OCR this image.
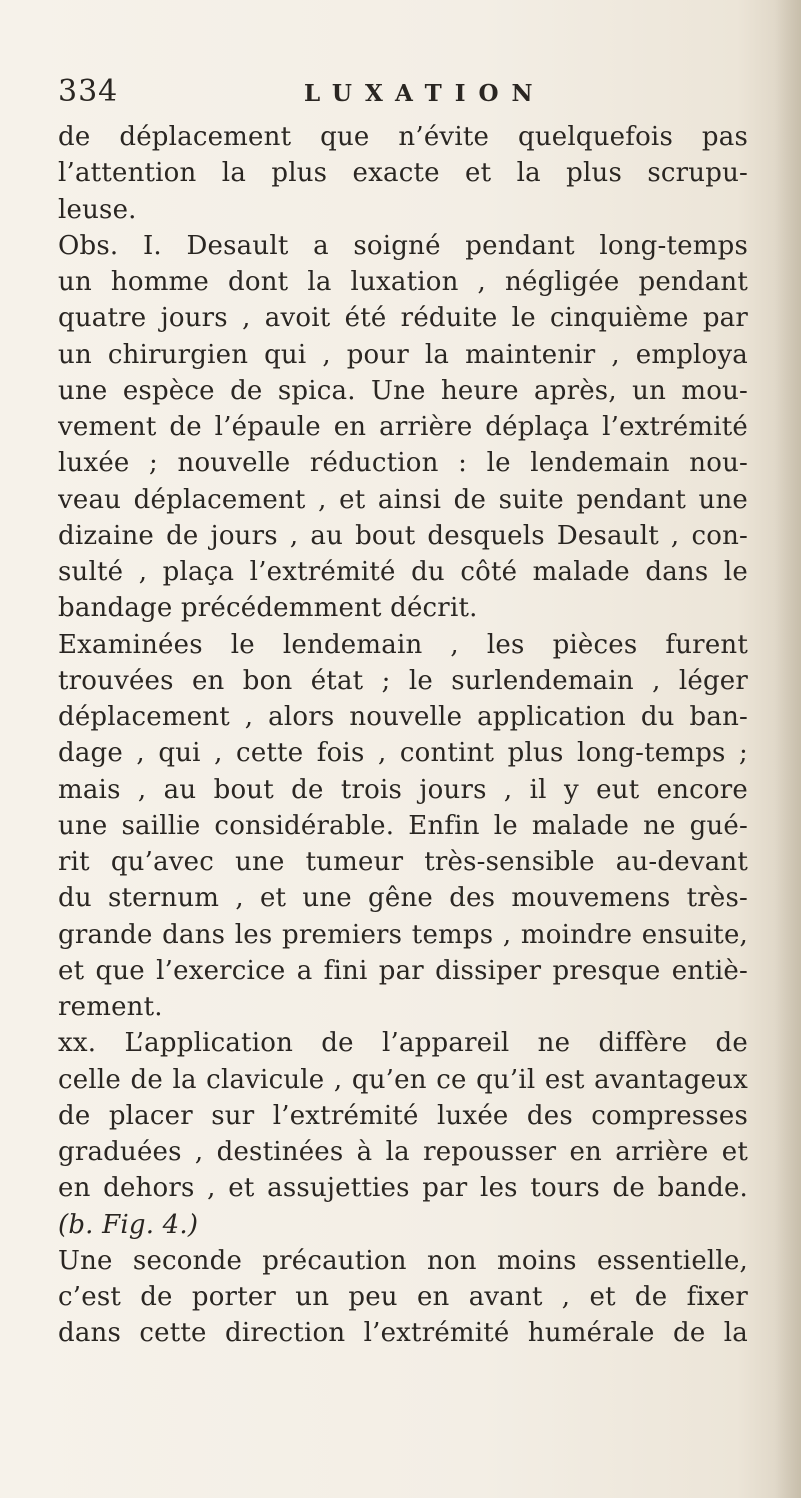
334	LUXATION
de déplacement que n’évite quelquefois pas
l’attention la plus exacte et la plus scrupu-
leuse.
Obs. I. Desault a soigné pendant long-temps
un homme dont la luxation , négligée pendant
quatre jours , avoit été réduite le cinquième par
un chirurgien qui , pour la maintenir , employa
une espèce de spica. Une heure après, un mou-
vement de l’épaule en arrière déplaça l’extrémité
luxée ; nouvelle réduction : le lendemain nou-
veau déplacement , et ainsi de suite pendant une
dizaine de jours , au bout desquels Desault , con-
sulté , plaça l’extrémité du côté malade dans le
bandage précédemment décrit.
Examinées le lendemain , les pièces furent
trouvées en bon état ; le surlendemain , léger
déplacement , alors nouvelle application du ban-
dage , qui , cette fois , contint plus long-temps ;
mais , au bout de trois jours , il y eut encore
une saillie considérable. Enfin le malade ne gué-
rit qu’avec une tumeur très-sensible au-devant
du sternum , et une gêne des mouvemens très-
grande dans les premiers temps , moindre ensuite,
et que l’exercice a fini par dissiper presque entiè-
rement.
xx. L’application de l’appareil ne diffère de
celle de la clavicule , qu’en ce qu’il est avantageux
de placer sur l’extrémité luxée des compresses
graduées , destinées à la repousser en arrière et
en dehors , et assujetties par les tours de bande.
(b. Fig. 4.)
Une seconde précaution non moins essentielle,
c’est de porter un peu en avant , et de fixer
dans cette direction l’extrémité humérale de la
